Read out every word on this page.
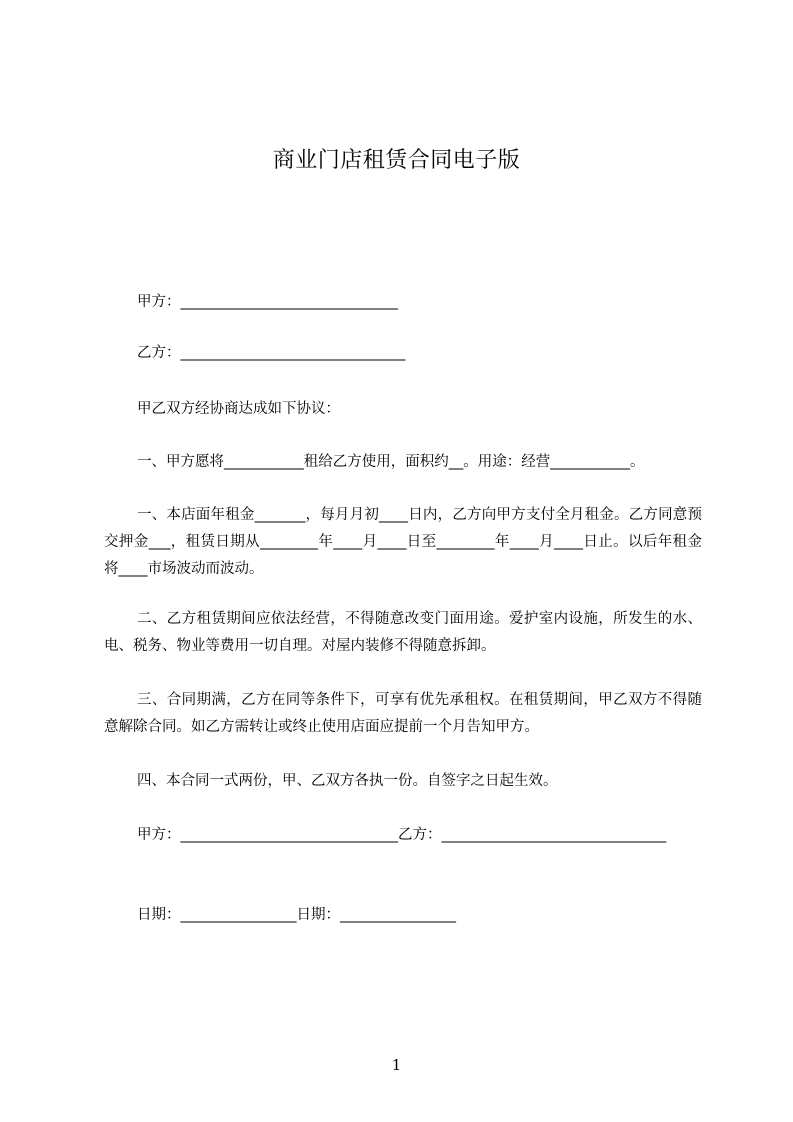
商业门店租赁合同电子版
甲方：______________________________
乙方：_______________________________
甲乙双方经协商达成如下协议：
一、甲方愿将___________租给乙方使用，面积约__。用途：经营___________。
一、本店面年租金_______，每月月初____日内，乙方向甲方支付全月租金。乙方同意预交押金___，租赁日期从________年____月____日至________年____月____日止。以后年租金将____市场波动而波动。
二、乙方租赁期间应依法经营，不得随意改变门面用途。爱护室内设施，所发生的水、电、税务、物业等费用一切自理。对屋内装修不得随意拆卸。
三、合同期满，乙方在同等条件下，可享有优先承租权。在租赁期间，甲乙双方不得随意解除合同。如乙方需转让或终止使用店面应提前一个月告知甲方。
四、本合同一式两份，甲、乙双方各执一份。自签字之日起生效。
甲方：______________________________乙方：_______________________________
日期：________________日期：________________
1
